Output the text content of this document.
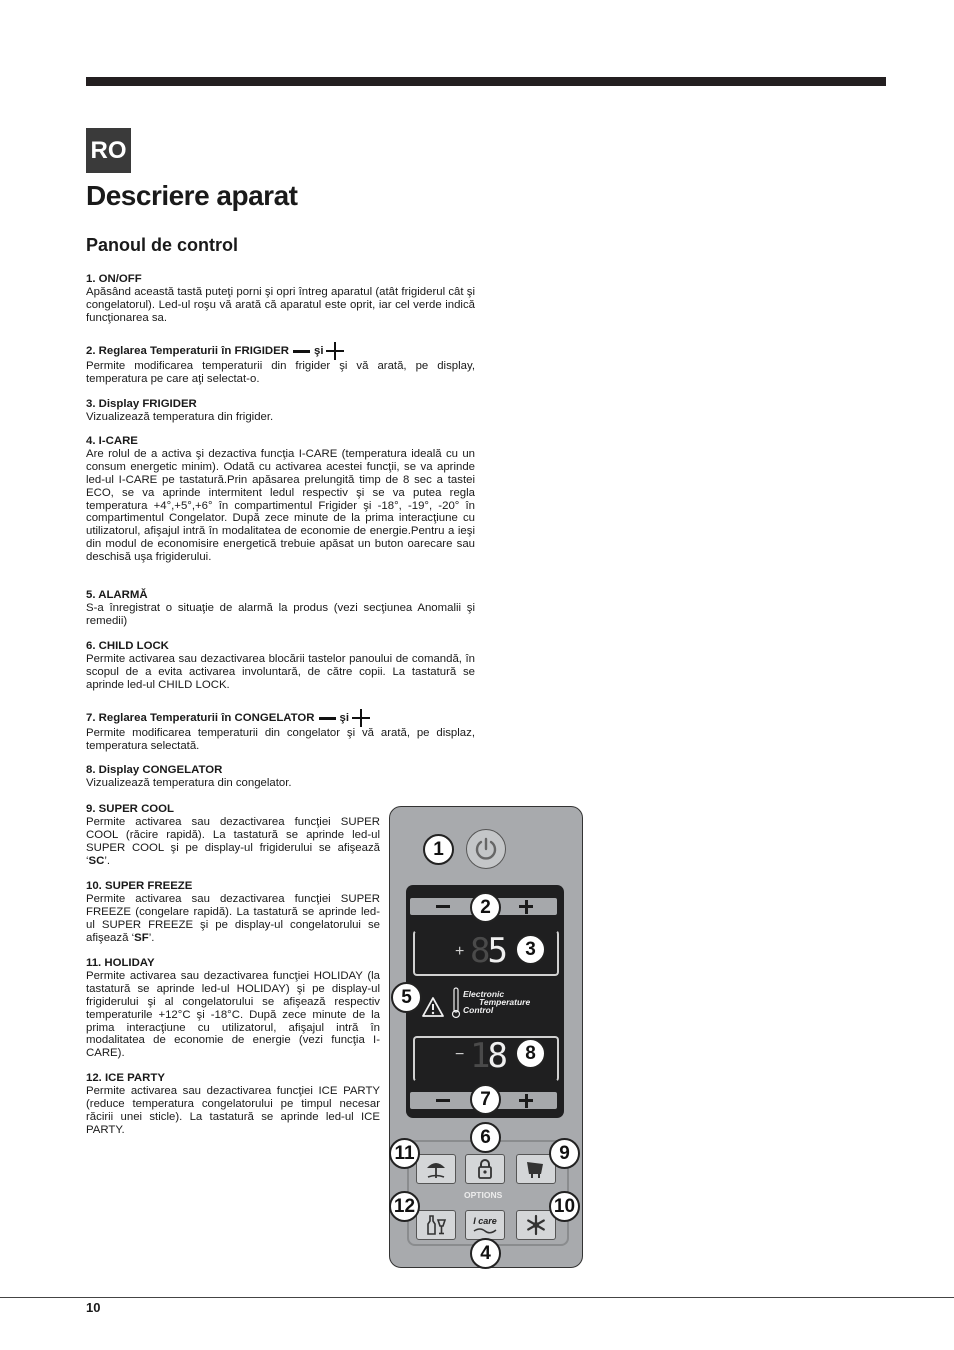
RO
Descriere aparat
Panoul de control
1. ON/OFF
Apăsând această tastă puteţi porni şi opri întreg aparatul (atât frigiderul cât şi congelatorul). Led-ul roşu vă arată că aparatul este oprit, iar cel verde indică funcţionarea sa.
2. Reglarea Temperaturii în FRIGIDER şi
Permite modificarea temperaturii din frigider şi vă arată, pe display, temperatura pe care aţi selectat-o.
3. Display FRIGIDER
Vizualizează temperatura din frigider.
4. I-CARE
Are rolul de a activa şi dezactiva funcţia I-CARE (temperatura ideală cu un consum energetic minim). Odată cu activarea acestei funcţii, se va aprinde led-ul I-CARE pe tastatură.Prin apăsarea prelungită timp de 8 sec a tastei ECO, se va aprinde intermitent ledul respectiv şi se va putea regla temperatura +4°,+5°,+6° în compartimentul Frigider şi -18°, -19°, -20° în compartimentul Congelator. După zece minute de la prima interacţiune cu utilizatorul, afişajul intră în modalitatea de economie de energie.Pentru a ieşi din modul de economisire energetică trebuie apăsat un buton oarecare sau deschisă uşa frigiderului.
5. ALARMĂ
S-a înregistrat o situaţie de alarmă la produs (vezi secţiunea Anomalii şi remedii)
6. CHILD LOCK
Permite activarea sau dezactivarea blocării tastelor panoului de comandă, în scopul de a evita activarea involuntară, de către copii. La tastatură se aprinde led-ul CHILD LOCK.
7. Reglarea Temperaturii în CONGELATOR şi
Permite modificarea temperaturii din congelator şi vă arată, pe displaz, temperatura selectată.
8. Display CONGELATOR
Vizualizează temperatura din congelator.
9. SUPER COOL
Permite activarea sau dezactivarea funcţiei SUPER COOL (răcire rapidă). La tastatură se aprinde led-ul SUPER COOL şi pe display-ul frigiderului se afişează ‘SC’.
10. SUPER FREEZE
Permite activarea sau dezactivarea funcţiei SUPER FREEZE (congelare rapidă). La tastatură se aprinde led-ul SUPER FREEZE şi pe display-ul congelatorului se afişează ‘SF’.
11. HOLIDAY
Permite activarea sau dezactivarea funcţiei HOLIDAY (la tastatură se aprinde led-ul HOLIDAY) şi pe display-ul frigiderului şi al congelatorului se afişează respectiv temperaturile +12°C şi -18°C. După zece minute de la prima interacţiune cu utilizatorul, afişajul intră în modalitatea de economie de energie (vezi funcţia I-CARE).
12. ICE PARTY
Permite activarea sau dezactivarea funcţiei ICE PARTY (reduce temperatura congelatorului pe timpul necesar răcirii unei sticle). La tastatură se aprinde led-ul ICE PARTY.
+ 85
Electronic
Temperature
Control
− 18
OPTIONS
I care
1
2
3
4
5
6
7
8
9
10
11
12
10
